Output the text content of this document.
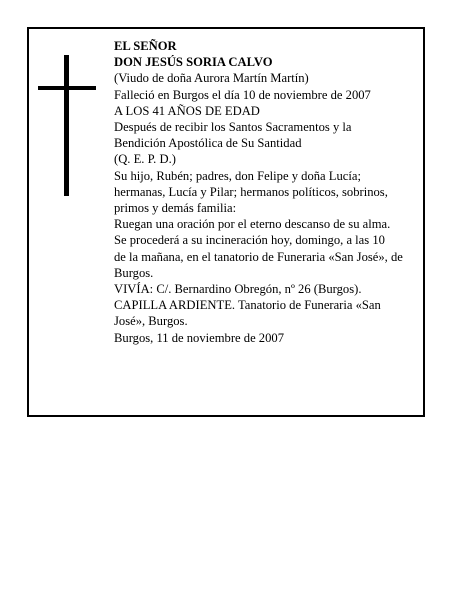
EL SEÑOR

DON JESÚS SORIA CALVO

(Viudo de doña Aurora Martín Martín)

Falleció en Burgos el día 10 de noviembre de 2007

A LOS 41 AÑOS DE EDAD

Después de recibir los Santos Sacramentos y la

Bendición Apostólica de Su Santidad

(Q. E. P. D.)

Su hijo, Rubén; padres, don Felipe y doña Lucía;

hermanas, Lucía y Pilar; hermanos políticos, sobrinos,

primos y demás familia:

Ruegan una oración por el eterno descanso de su alma.

Se procederá a su incineración hoy, domingo, a las 10

de la mañana, en el tanatorio de Funeraria «San José», de

Burgos.

VIVÍA: C/. Bernardino Obregón, nº 26 (Burgos).

CAPILLA ARDIENTE. Tanatorio de Funeraria «San

José», Burgos.

Burgos, 11 de noviembre de 2007
